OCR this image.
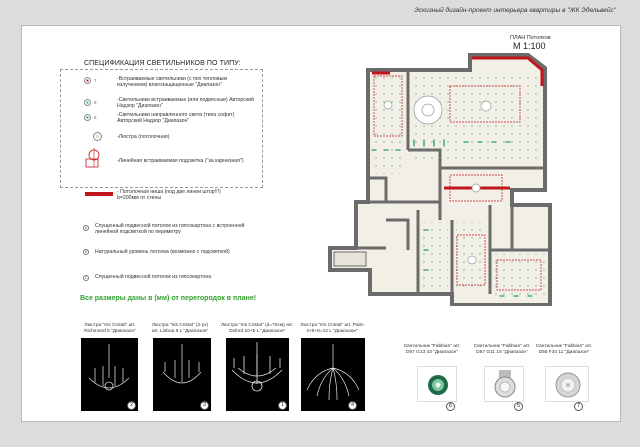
Эскизный дизайн-проект интерьера квартиры в "ЖК Эдельвейс"
СПЕЦИФИКАЦИЯ СВЕТИЛЬНИКОВ ПО ТИПУ:
7	-Встраиваемые светильники (с min тепловым излучением) влагозащищенные "Диапазон"
6	-Светильники встраиваемые (или подвесные) Авторский Надзор "Диапазон"
5	-Светильники направленного света (типа софит) Авторский Надзор "Диапазон"
-Люстра (потолочная)
-Линейная встраиваемая подсветка ("за карнизная")
- Потолочная ниша (под две линии штор!!!) b=200мм от стены
A	Спущенный подвесной потолок из гипсокартона с встроенной линейной подсветкой по периметру
B	Натуральный уровень потолка (возможно с подсветкой)
C	Спущенный подвесной потолок из гипсокартона
Все размеры даны в (мм) от перегородок в плане!
ПЛАН Потолков
М 1:100
Люстра "Iris Cristal" art. Richmond 5 "Диапазон"
2
Люстра "Iris Cristal" (2-ух) art. Lisboa 6 L "Диапазон"
3
Люстра "Iris Cristal" (d=70см) art. Oxford 10+5 L "Диапазон"
1
Люстра "Iris Cristal" art. Palm 4+6+8=12 L "Диапазон"
4
Светильник "Fabbian" art. D57 G13 43 "Диапазон"
6
Светильник "Fabbian" art. D57 G11 15 "Диапазон"
5
Светильник "Fabbian" art. D55 F34 11 "Диапазон"
7
